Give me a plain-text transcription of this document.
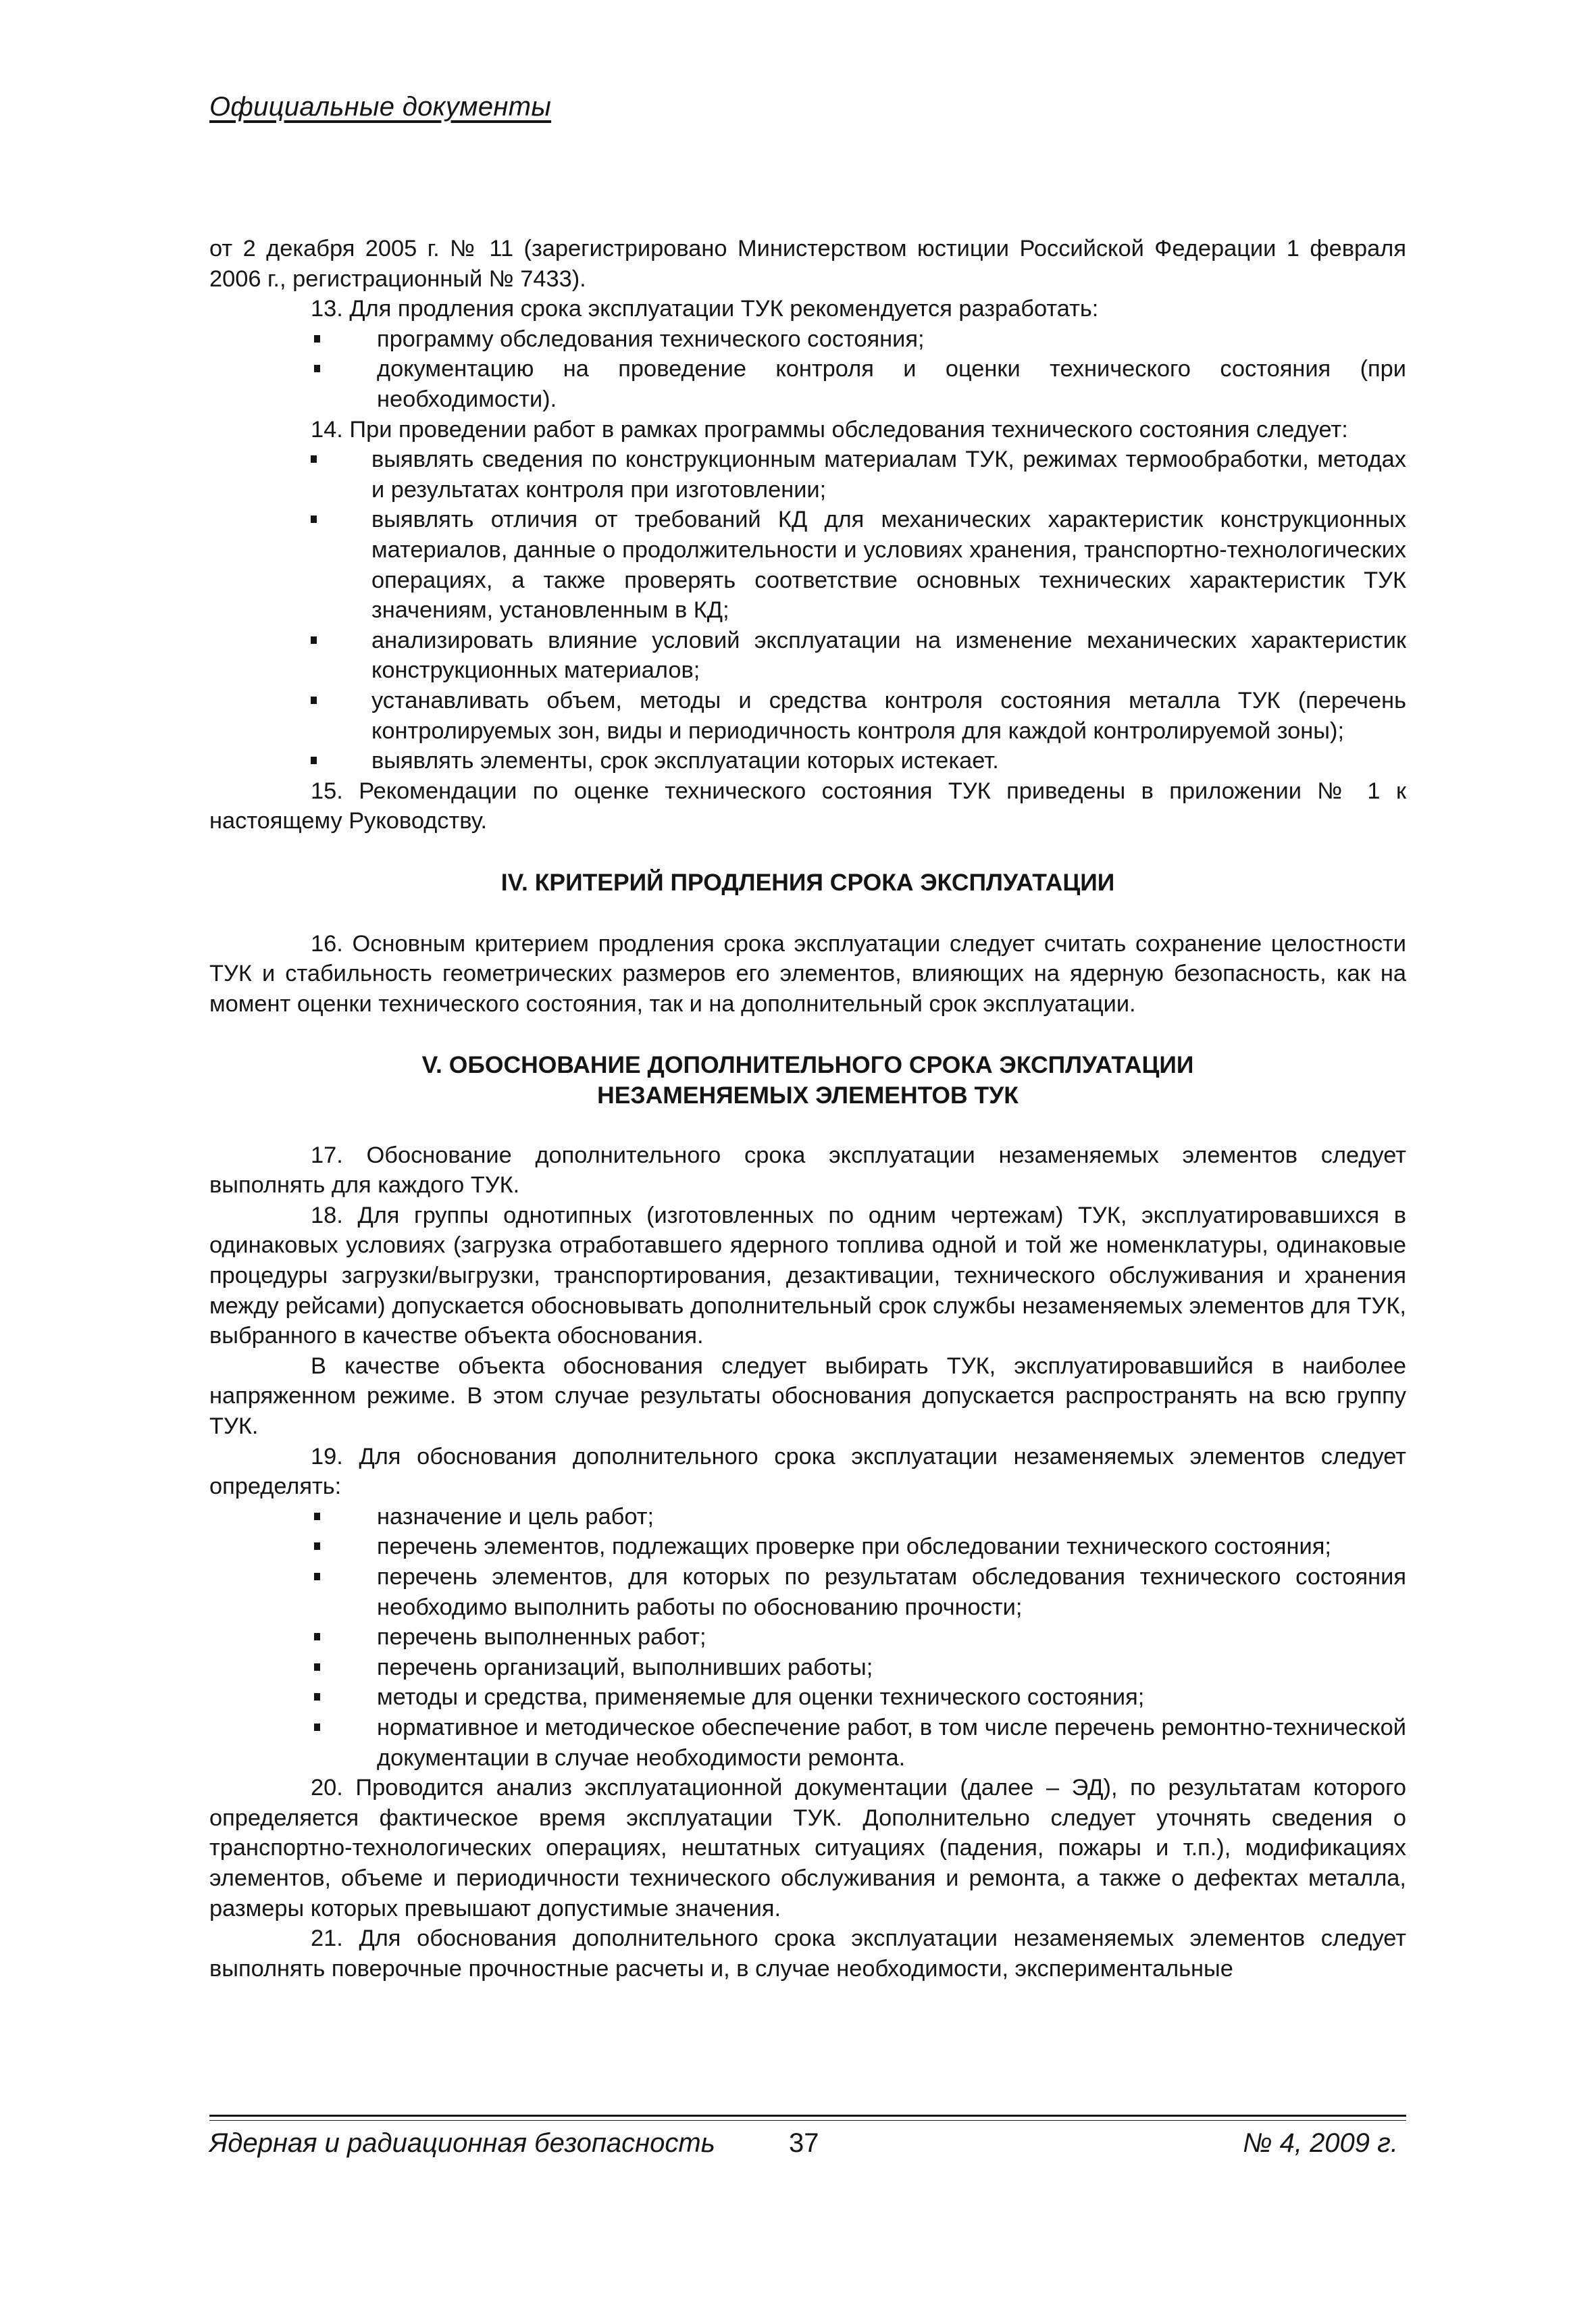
Официальные документы

от 2 декабря 2005 г. № 11 (зарегистрировано Министерством юстиции Российской Федерации 1 февраля 2006 г., регистрационный № 7433).

13. Для продления срока эксплуатации ТУК рекомендуется разработать:

программу обследования технического состояния;
документацию на проведение контроля и оценки технического состояния (при необходимости).

14. При проведении работ в рамках программы обследования технического состояния следует:

выявлять сведения по конструкционным материалам ТУК, режимах термообработки, методах и результатах контроля при изготовлении;
выявлять отличия от требований КД для механических характеристик конструкционных материалов, данные о продолжительности и условиях хранения, транспортно-технологических операциях, а также проверять соответствие основных технических характеристик ТУК значениям, установленным в КД;
анализировать влияние условий эксплуатации на изменение механических характеристик конструкционных материалов;
устанавливать объем, методы и средства контроля состояния металла ТУК (перечень контролируемых зон, виды и периодичность контроля для каждой контролируемой зоны);
выявлять элементы, срок эксплуатации которых истекает.

15. Рекомендации по оценке технического состояния ТУК приведены в приложении № 1 к настоящему Руководству.

IV. КРИТЕРИЙ ПРОДЛЕНИЯ СРОКА ЭКСПЛУАТАЦИИ

16. Основным критерием продления срока эксплуатации следует считать сохранение целостности ТУК и стабильность геометрических размеров его элементов, влияющих на ядерную безопасность, как на момент оценки технического состояния, так и на дополнительный срок эксплуатации.

V. ОБОСНОВАНИЕ ДОПОЛНИТЕЛЬНОГО СРОКА ЭКСПЛУАТАЦИИ
НЕЗАМЕНЯЕМЫХ ЭЛЕМЕНТОВ ТУК

17. Обоснование дополнительного срока эксплуатации незаменяемых элементов следует выполнять для каждого ТУК.

18. Для группы однотипных (изготовленных по одним чертежам) ТУК, эксплуатировавшихся в одинаковых условиях (загрузка отработавшего ядерного топлива одной и той же номенклатуры, одинаковые процедуры загрузки/выгрузки, транспортирования, дезактивации, технического обслуживания и хранения между рейсами) допускается обосновывать дополнительный срок службы незаменяемых элементов для ТУК, выбранного в качестве объекта обоснования.

В качестве объекта обоснования следует выбирать ТУК, эксплуатировавшийся в наиболее напряженном режиме. В этом случае результаты обоснования допускается распространять на всю группу ТУК.

19. Для обоснования дополнительного срока эксплуатации незаменяемых элементов следует определять:

назначение и цель работ;
перечень элементов, подлежащих проверке при обследовании технического состояния;
перечень элементов, для которых по результатам обследования технического состояния необходимо выполнить работы по обоснованию прочности;
перечень выполненных работ;
перечень организаций, выполнивших работы;
методы и средства, применяемые для оценки технического состояния;
нормативное и методическое обеспечение работ, в том числе перечень ремонтно-технической документации в случае необходимости ремонта.

20. Проводится анализ эксплуатационной документации (далее – ЭД), по результатам которого определяется фактическое время эксплуатации ТУК. Дополнительно следует уточнять сведения о транспортно-технологических операциях, нештатных ситуациях (падения, пожары и т.п.), модификациях элементов, объеме и периодичности технического обслуживания и ремонта, а также о дефектах металла, размеры которых превышают допустимые значения.

21. Для обоснования дополнительного срока эксплуатации незаменяемых элементов следует выполнять поверочные прочностные расчеты и, в случае необходимости, экспериментальные

Ядерная и радиационная безопасность	37	№ 4, 2009 г.
